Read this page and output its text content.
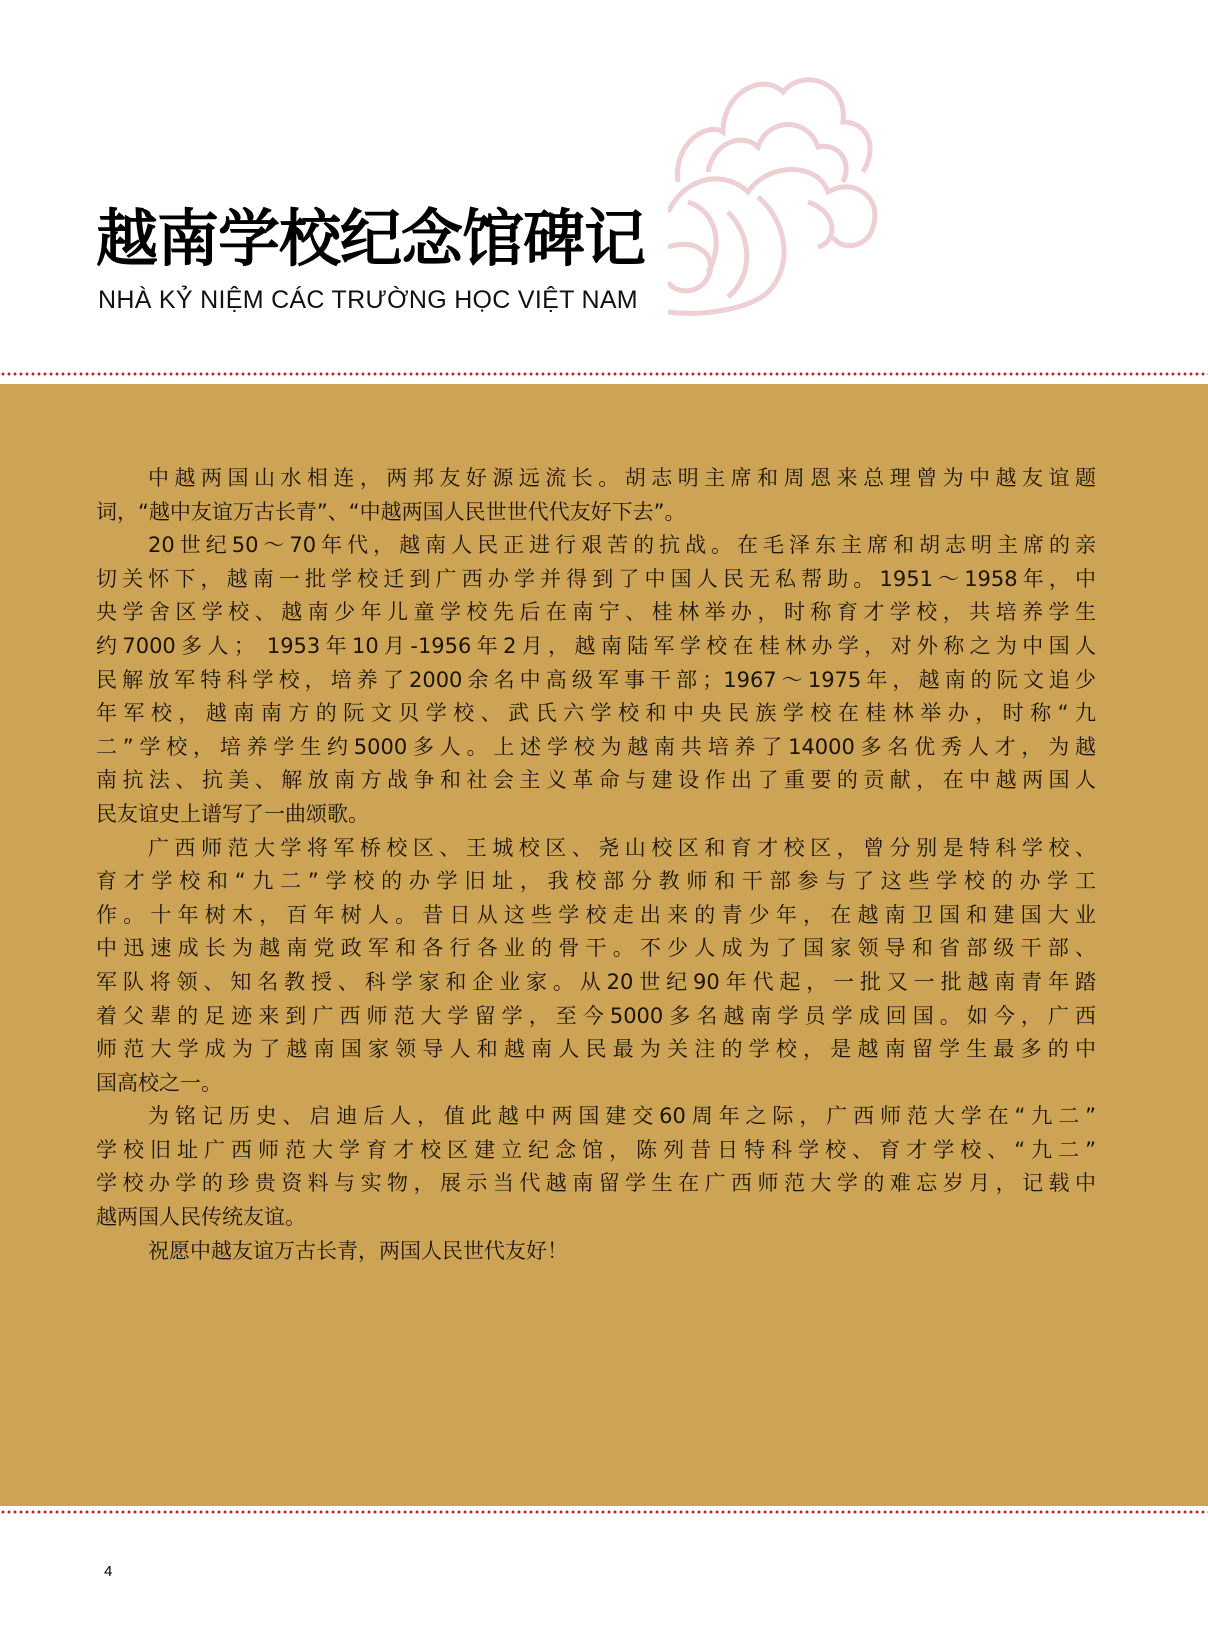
越南学校纪念馆碑记
NHÀ KỶ NIỆM CÁC TRƯỜNG HỌC VIỆT NAM
中越两国山水相连，两邦友好源远流长。胡志明主席和周恩来总理曾为中越友谊题
词，“越中友谊万古长青”、“中越两国人民世世代代友好下去”。
20世纪50～70年代，越南人民正进行艰苦的抗战。在毛泽东主席和胡志明主席的亲
切关怀下，越南一批学校迁到广西办学并得到了中国人民无私帮助。1951～1958年，中
央学舍区学校、越南少年儿童学校先后在南宁、桂林举办，时称育才学校，共培养学生
约7000多人； 1953年10月-1956年2月，越南陆军学校在桂林办学，对外称之为中国人
民解放军特科学校，培养了2000余名中高级军事干部；1967～1975年，越南的阮文追少
年军校，越南南方的阮文贝学校、武氏六学校和中央民族学校在桂林举办，时称“九
二”学校，培养学生约5000多人。上述学校为越南共培养了14000多名优秀人才，为越
南抗法、抗美、解放南方战争和社会主义革命与建设作出了重要的贡献，在中越两国人
民友谊史上谱写了一曲颂歌。
广西师范大学将军桥校区、王城校区、尧山校区和育才校区，曾分别是特科学校、
育才学校和“九二”学校的办学旧址，我校部分教师和干部参与了这些学校的办学工
作。十年树木，百年树人。昔日从这些学校走出来的青少年，在越南卫国和建国大业
中迅速成长为越南党政军和各行各业的骨干。不少人成为了国家领导和省部级干部、
军队将领、知名教授、科学家和企业家。从20世纪90年代起，一批又一批越南青年踏
着父辈的足迹来到广西师范大学留学，至今5000多名越南学员学成回国。如今，广西
师范大学成为了越南国家领导人和越南人民最为关注的学校，是越南留学生最多的中
国高校之一。
为铭记历史、启迪后人，值此越中两国建交60周年之际，广西师范大学在“九二”
学校旧址广西师范大学育才校区建立纪念馆，陈列昔日特科学校、育才学校、“九二”
学校办学的珍贵资料与实物，展示当代越南留学生在广西师范大学的难忘岁月，记载中
越两国人民传统友谊。
祝愿中越友谊万古长青，两国人民世代友好！
4
